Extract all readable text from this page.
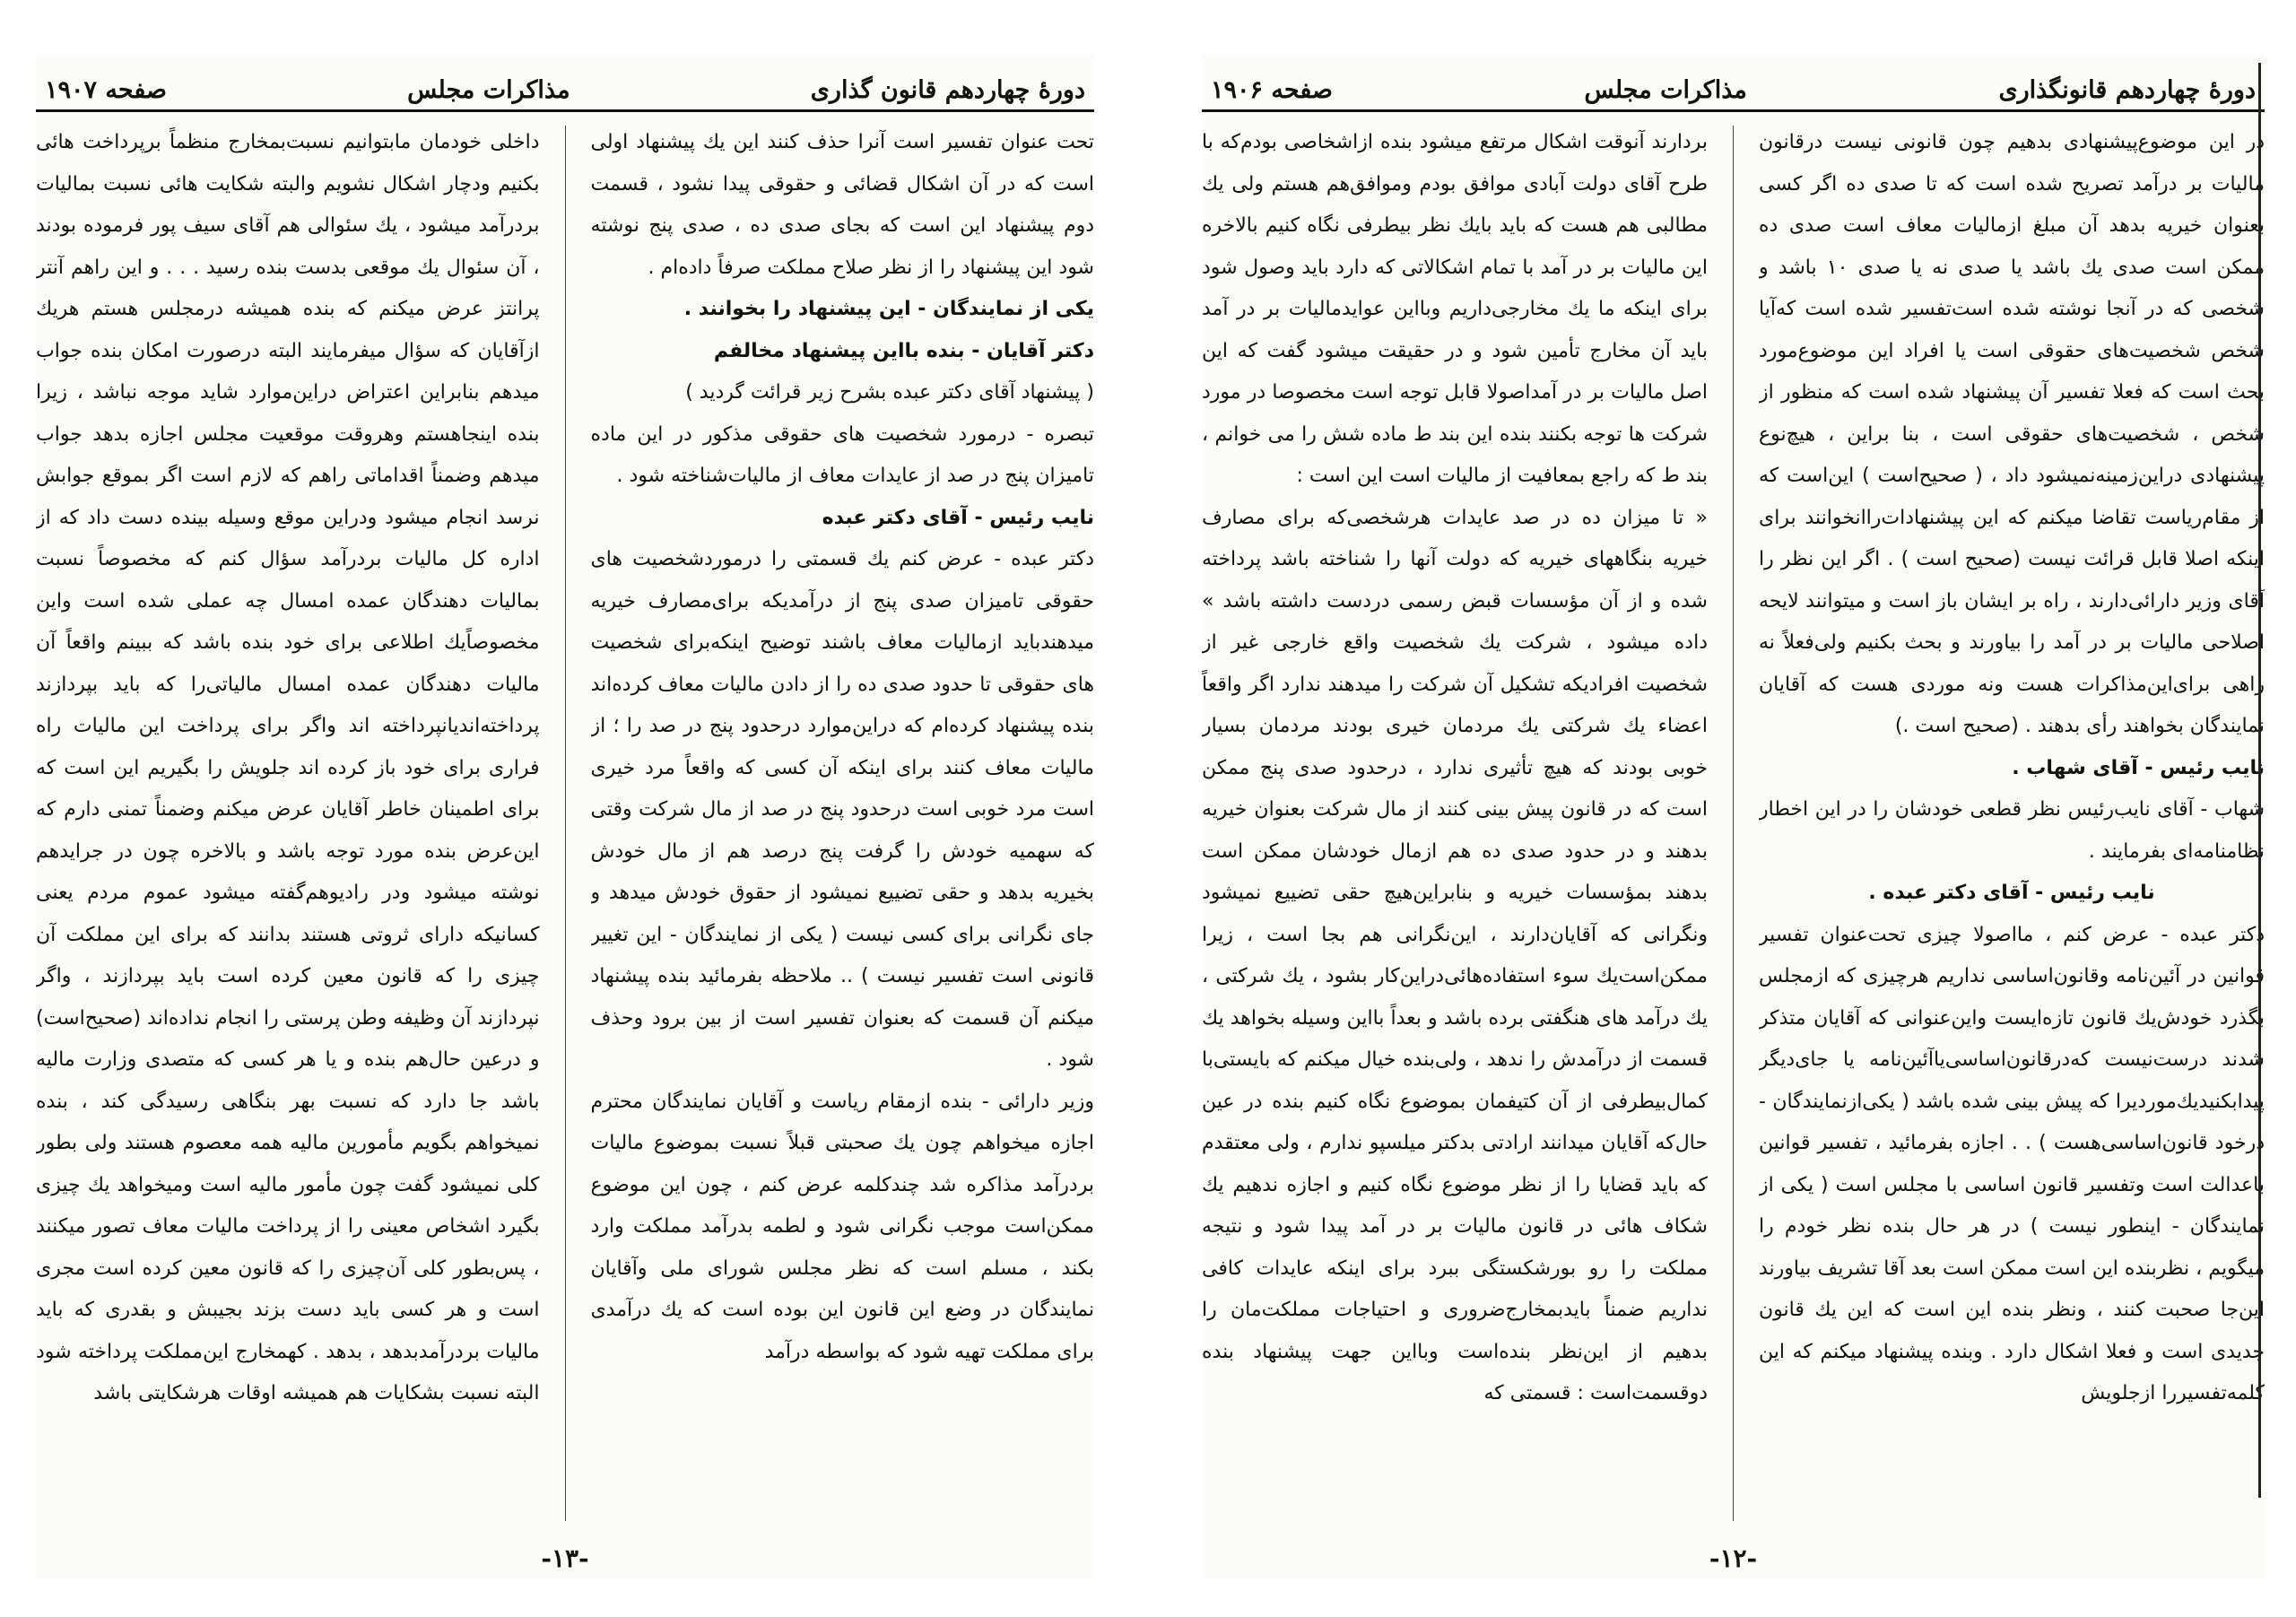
دورهٔ چهاردهم قانون گذاری
مذاکرات مجلس
صفحه ۱۹۰۷

تحت عنوان تفسیر است آنرا حذف کنند این یك پیشنهاد اولی است که در آن اشکال قضائی و حقوقی پیدا نشود ، قسمت دوم پیشنهاد این است که بجای صدی ده ، صدی پنج نوشته شود این پیشنهاد را از نظر صلاح مملکت صرفاً داده‌ام .

یکی از نمایندگان - این پیشنهاد را بخوانند .

دکتر آقایان - بنده بااین پیشنهاد مخالفم

( پیشنهاد آقای دکتر عبده بشرح زیر قرائت گردید )

تبصره - درمورد شخصیت های حقوقی مذکور در این ماده تامیزان پنج در صد از عایدات معاف از مالیات‌شناخته شود .

نایب رئیس - آقای دکتر عبده

دکتر عبده - عرض کنم یك قسمتی را درموردشخصیت های حقوقی تامیزان صدی پنج از درآمدیکه برای‌مصارف خیریه میدهندباید ازمالیات معاف باشند توضیح اینکه‌برای شخصیت های حقوقی تا حدود صدی ده را از دادن مالیات معاف کرده‌اند بنده پیشنهاد کرده‌ام که دراین‌موارد درحدود پنج در صد را ؛ از مالیات معاف کنند برای اینکه آن کسی که واقعاً مرد خیری است مرد خوبی است درحدود پنج در صد از مال شرکت وقتی که سهمیه خودش را گرفت پنج درصد هم از مال خودش بخیریه بدهد و حقی تضییع نمیشود از حقوق خودش میدهد و جای نگرانی برای کسی نیست ( یکی از نمایندگان - این تغییر قانونی است تفسیر نیست ) .. ملاحظه بفرمائید بنده پیشنهاد میکنم آن قسمت که بعنوان تفسیر است از بین برود وحذف شود .

وزیر دارائی - بنده ازمقام ریاست و آقایان نمایندگان محترم اجازه میخواهم چون یك صحبتی قبلاً نسبت بموضوع مالیات بردرآمد مذاکره شد چندکلمه عرض کنم ، چون این موضوع ممکن‌است موجب نگرانی شود و لطمه بدرآمد مملکت وارد بکند ، مسلم است که نظر مجلس شورای ملی وآقایان نمایندگان در وضع این قانون این بوده است که یك درآمدی برای مملکت تهیه شود که بواسطه درآمد

داخلی خودمان مابتوانیم نسبت‌بمخارج منظماً برپرداخت هائی بکنیم ودچار اشکال نشویم والبته شکایت هائی نسبت بمالیات بردرآمد میشود ، یك سئوالی هم آقای سیف پور فرموده بودند ، آن سئوال یك موقعی بدست بنده رسید . . . و این راهم آنتر پرانتز عرض میکنم که بنده همیشه درمجلس هستم هریك ازآقایان که سؤال میفرمایند البته درصورت امکان بنده جواب میدهم بنابراین اعتراض دراین‌موارد شاید موجه نباشد ، زیرا بنده اینجاهستم وهروقت موقعیت مجلس اجازه بدهد جواب میدهم وضمناً اقداماتی راهم که لازم است اگر بموقع جوابش نرسد انجام میشود ودراین موقع وسیله بینده دست داد که از اداره کل مالیات بردرآمد سؤال کنم که مخصوصاً نسبت بمالیات دهندگان عمده امسال چه عملی شده است واین مخصوصاًیك اطلاعی برای خود بنده باشد که ببینم واقعاً آن مالیات دهندگان عمده امسال مالیاتی‌را که باید بپردازند پرداخته‌اندیانپرداخته اند واگر برای پرداخت این مالیات راه فراری برای خود باز کرده اند جلویش را بگیریم این است که برای اطمینان خاطر آقایان عرض میکنم وضمناً تمنی دارم که این‌عرض بنده مورد توجه باشد و بالاخره چون در جرایدهم نوشته میشود ودر رادیوهم‌گفته میشود عموم مردم یعنی کسانیکه دارای ثروتی هستند بدانند که برای این مملکت آن چیزی را که قانون معین کرده است باید بپردازند ، واگر نپردازند آن وظیفه وطن پرستی را انجام نداده‌اند (صحیح‌است) و درعین حال‌هم بنده و یا هر کسی که متصدی وزارت مالیه باشد جا دارد که نسبت بهر بنگاهی رسیدگی کند ، بنده نمیخواهم بگویم مأمورین مالیه همه معصوم هستند ولی بطور کلی نمیشود گفت چون مأمور مالیه است ومیخواهد یك چیزی بگیرد اشخاص معینی را از پرداخت مالیات معاف تصور میکنند ، پس‌بطور کلی آن‌چیزی را که قانون معین کرده است مجری است و هر کسی باید دست بزند بجیبش و بقدری که باید مالیات بردرآمدبدهد ، بدهد . کهمخارج این‌مملکت پرداخته شود البته نسبت بشکایات هم همیشه اوقات هرشکایتی باشد

-۱۳-
دورهٔ چهاردهم قانونگذاری
مذاکرات مجلس
صفحه ۱۹۰۶

در این موضوع‌پیشنهادی بدهیم چون قانونی نیست درقانون مالیات بر درآمد تصریح شده است که تا صدی ده اگر کسی بعنوان خیریه بدهد آن مبلغ ازمالیات معاف است صدی ده ممکن است صدی یك باشد یا صدی نه یا صدی ۱۰ باشد و شخصی که در آنجا نوشته شده است‌تفسیر شده است که‌آیا شخص شخصیت‌های حقوقی است یا افراد این موضوع‌مورد بحث است که فعلا تفسیر آن پیشنهاد شده است که منظور از شخص ، شخصیت‌های حقوقی است ، بنا براین ، هیچ‌نوع پیشنهادی دراین‌زمینه‌نمیشود داد ، ( صحیح‌است ) این‌است که از مقام‌ریاست تقاضا میکنم که این پیشنهادات‌راانخوانند برای اینکه اصلا قابل قرائت نیست (صحیح است ) . اگر این نظر را آقای وزیر دارائی‌دارند ، راه بر ایشان باز است و میتوانند لایحه اصلاحی مالیات بر در آمد را بیاورند و بحث بکنیم ولی‌فعلا‌ً نه راهی برای‌این‌مذاکرات هست ونه موردی هست که آقایان نمایندگان بخواهند رأی بدهند . (صحیح است .)

نایب رئیس - آقای شهاب .

شهاب - آقای نایب‌رئیس نظر قطعی خودشان را در این اخطار نظامنامه‌ای بفرمایند .

نایب رئیس - آقای دکتر عبده .

دکتر عبده - عرض کنم ، مااصولا چیزی تحت‌عنوان تفسیر قوانین در آئین‌نامه وقانون‌اساسی نداریم هرچیزی که ازمجلس بگذرد خودش‌یك قانون تازه‌ایست واین‌عنوانی که آقایان متذکر شدند درست‌نیست که‌درقانون‌اساسی‌یاآئین‌نامه یا جای‌دیگر پیدابکنیدیك‌موردیرا که پیش بینی شده باشد ( یکی‌ازنمایندگان - درخود قانون‌اساسی‌هست ) . . اجازه بفرمائید ، تفسیر قوانین باعدالت است وتفسیر قانون اساسی با مجلس است ( یکی از نمایندگان - اینطور نیست ) در هر حال بنده نظر خودم را میگویم ، نظر‌بنده این است ممکن است بعد آقا تشریف بیاورند این‌جا صحبت کنند ، ونظر بنده این است که این یك قانون جدیدی است و فعلا اشکال دارد . وبنده پیشنهاد میکنم که این کلمه‌تفسیررا ازجلویش

بردارند آنوقت اشکال مرتفع میشود بنده ازاشخاصی بودم‌که با طرح آقای دولت آبادی موافق بودم وموافق‌هم هستم ولی یك مطالبی هم هست که باید بایك نظر بیطرفی نگاه کنیم بالاخره این مالیات بر در آمد با تمام اشکالاتی که دارد باید وصول شود برای اینکه ما یك مخارجی‌داریم وبااین عوایدمالیات بر در آمد باید آن مخارج تأمین شود و در حقیقت میشود گفت که این اصل مالیات بر در آمداصولا قابل توجه است مخصوصا در مورد شرکت ها توجه بکنند بنده این بند ط ماده شش را می خوانم ، بند ط که راجع بمعافیت از مالیات است این است :

« تا میزان ده در صد عایدات هرشخصی‌که برای مصارف خیریه بنگاههای خیریه که دولت آنها را شناخته باشد پرداخته شده و از آن مؤسسات قبض رسمی دردست داشته باشد » داده میشود ، شرکت یك شخصیت واقع خارجی غیر از شخصیت افرادیکه تشکیل آن شرکت را میدهند ندارد اگر واقعاً اعضاء یك شرکتی یك مردمان خیری بودند مردمان بسیار خوبی بودند که هیچ تأثیری ندارد ، درحدود صدی پنج ممکن است که در قانون پیش بینی کنند از مال شرکت بعنوان خیریه بدهند و در حدود صدی ده هم ازمال خودشان ممکن است بدهند بمؤسسات خیریه و بنابراین‌هیچ حقی تضییع نمیشود ونگرانی که آقایان‌دارند ، این‌نگرانی هم بجا است ، زیرا ممکن‌است‌یك سوء استفاده‌هائی‌دراین‌کار بشود ، یك شرکتی ، یك درآمد های هنگفتی برده باشد و بعداً بااین وسیله بخواهد یك قسمت از درآمدش را ندهد ، ولی‌بنده خیال میکنم که بایستی‌با کمال‌بیطرفی از آن کتیفمان بموضوع نگاه کنیم بنده در عین حال‌که آقایان میدانند ارادتی بدکتر میلسپو ندارم ، ولی معتقدم که باید قضایا را از نظر موضوع نگاه کنیم و اجازه ندهیم یك شکاف هائی در قانون مالیات بر در آمد پیدا شود و نتیجه مملکت را رو بورشکستگی ببرد برای اینکه عایدات کافی نداریم ضمناً بایدبمخارج‌ضروری و احتیاجات مملکت‌مان را بدهیم از این‌نظر بنده‌است وبااین جهت پیشنهاد بنده دوقسمت‌است : قسمتی که

-۱۲-
